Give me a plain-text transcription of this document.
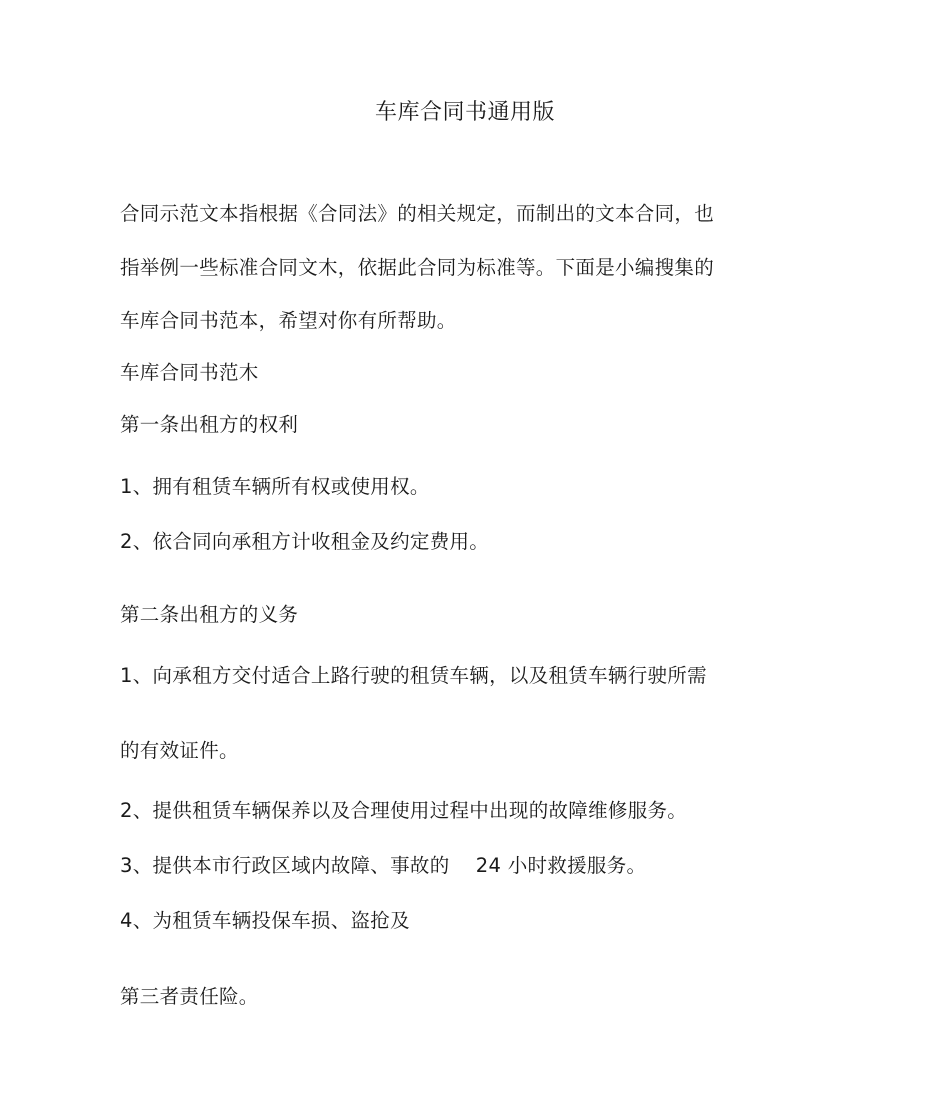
车库合同书通用版
合同示范文本指根据《合同法》的相关规定，而制出的文本合同，也
指举例一些标准合同文木，依据此合同为标准等。下面是小编搜集的
车库合同书范本，希望对你有所帮助。
车库合同书范木
第一条出租方的权利
1、拥有租赁车辆所有权或使用权。
2、依合同向承租方计收租金及约定费用。
第二条出租方的义务
1、向承租方交付适合上路行驶的租赁车辆，以及租赁车辆行驶所需
的有效证件。
2、提供租赁车辆保养以及合理使用过程中出现的故障维修服务。
3、提供本市行政区域内故障、事故的　 24 小时救援服务。
4、为租赁车辆投保车损、盗抢及
第三者责任险。
